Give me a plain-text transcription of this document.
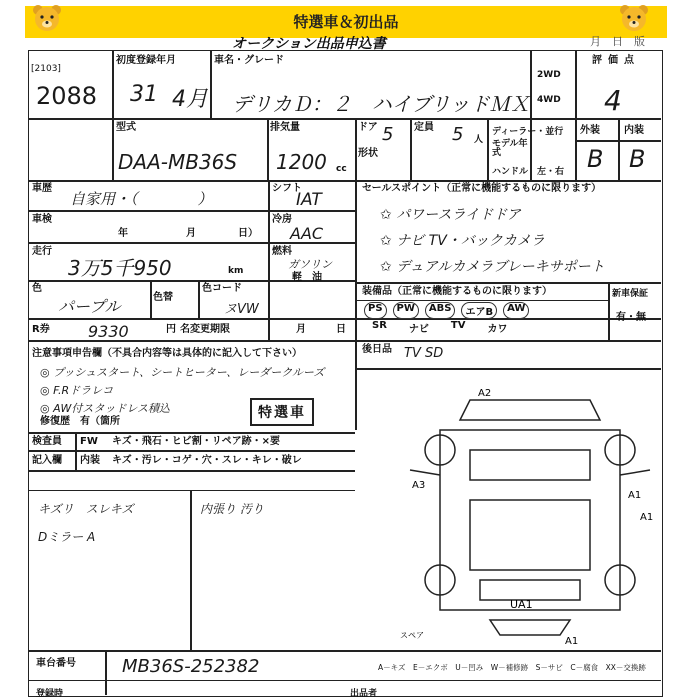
特選車＆初出品
オークション出品申込書	月　日　版
[2103]
2088
初度登録年月
31 4月
車名・グレード
デリカＤ：２　ハイブリッドＭＸ
2WD
4WD
評価点
4
型式
DAA-MB36S
排気量
1200 cc
ドア 5
形状
定員 5 人
ディーラー・並行
モデル年式
ハンドル　左・右
外装 内装
B B
車歴
自家用・（　　　　）
シフト
IAT
車検
年	月	日）
冷房
AAC
走行
3万5千950	km
燃料
ガソリン
軽　油
色
パープル	色替
色コード
ヌVW
R券 9330	円 名変更期限	月	日
セールスポイント（正常に機能するものに限ります）
✩ パワースライドドア
✩ ナビ TV・バックカメラ
✩ デュアルカメラブレーキサポート
装備品（正常に機能するものに限ります）
PS	PW	ABS	エアB	AW
SR ナビ TV カワ
新車保証
有・無
後日品 TV SD
注意事項申告欄（不具合内容等は具体的に記入して下さい）
◎ プッシュスタート、シートヒーター、レーダークルーズ
◎ F.Rドラレコ
◎ AW付スタッドレス積込
修復歴　有（箇所
特選車
検査員 FW キズ・飛石・ヒビ割・リペア跡・×要
記入欄 内装 キズ・汚レ・コゲ・穴・スレ・キレ・破レ
キズリ　スレキズ
Dミラー A
内張り 汚り
A2
A3
A1
A1
UA1
A1
スペア
車台番号	MB36S-252382
登録時	出品者
A－キズ　E－エクボ　U－凹み　W－補修跡　S－サビ　C－腐食　XX－交換跡
